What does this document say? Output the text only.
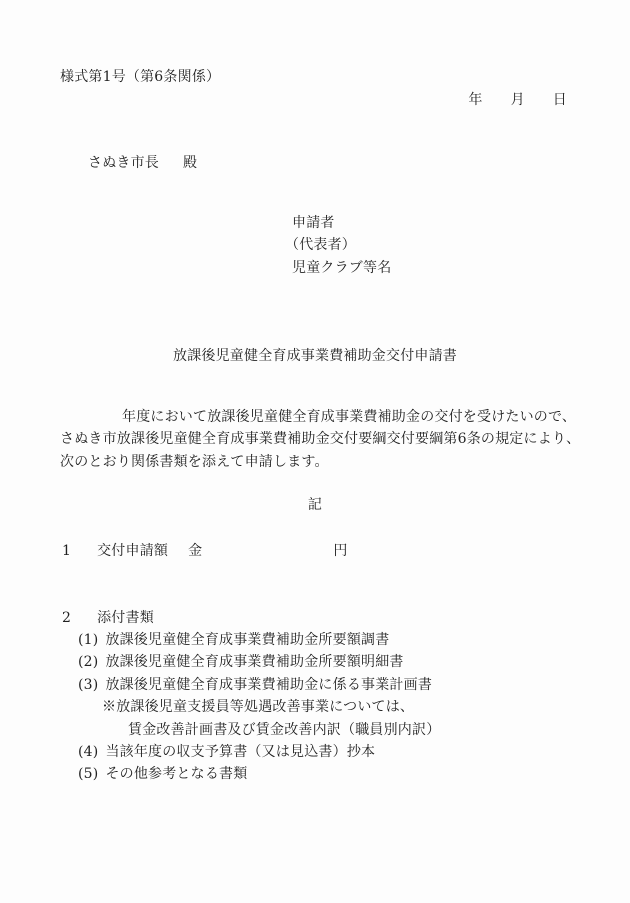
様式第1号（第6条関係）
年 月 日
さぬき市長 殿
申請者
（代表者）
児童クラブ等名
放課後児童健全育成事業費補助金交付申請書
年度において放課後児童健全育成事業費補助金の交付を受けたいので、
さぬき市放課後児童健全育成事業費補助金交付要綱交付要綱第6条の規定により、
次のとおり関係書類を添えて申請します。
記
1 交付申請額 金	円
2 添付書類
(1) 放課後児童健全育成事業費補助金所要額調書
(2) 放課後児童健全育成事業費補助金所要額明細書
(3) 放課後児童健全育成事業費補助金に係る事業計画書
※放課後児童支援員等処遇改善事業については、
賃金改善計画書及び賃金改善内訳（職員別内訳）
(4) 当該年度の収支予算書（又は見込書）抄本
(5) その他参考となる書類
